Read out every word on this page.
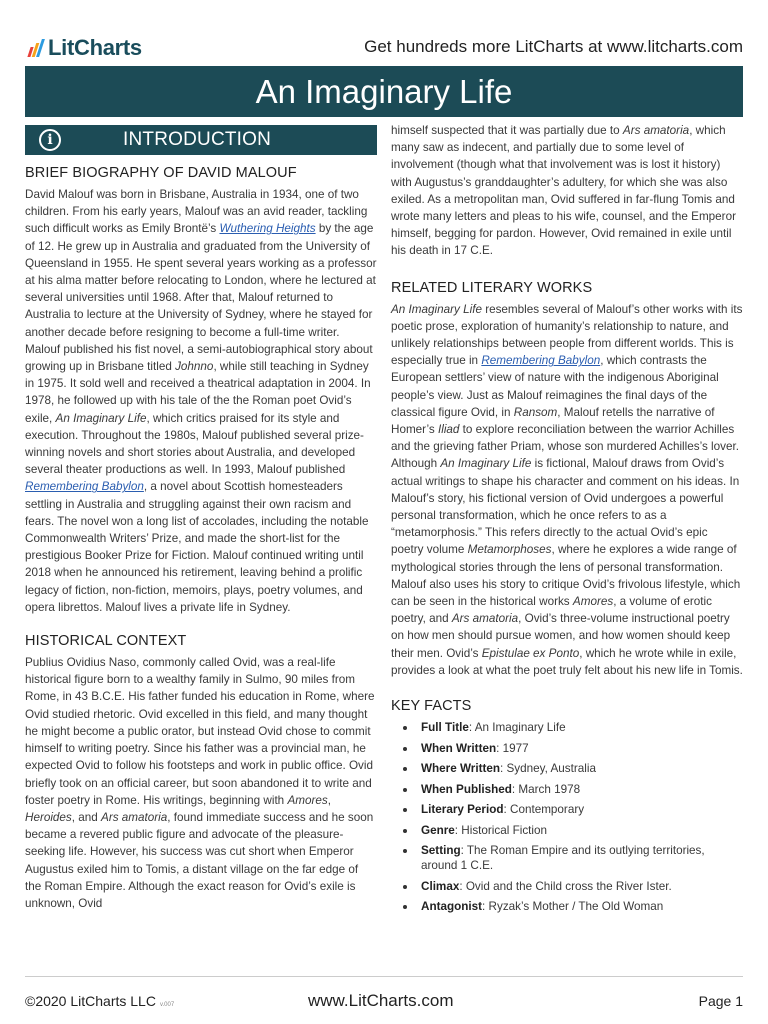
LitCharts	Get hundreds more LitCharts at www.litcharts.com
An Imaginary Life
i	INTRODUCTION
BRIEF BIOGRAPHY OF DAVID MALOUF

David Malouf was born in Brisbane, Australia in 1934, one of two children. From his early years, Malouf was an avid reader, tackling such difficult works as Emily Brontë’s Wuthering Heights by the age of 12. He grew up in Australia and graduated from the University of Queensland in 1955. He spent several years working as a professor at his alma matter before relocating to London, where he lectured at several universities until 1968. After that, Malouf returned to Australia to lecture at the University of Sydney, where he stayed for another decade before resigning to become a full-time writer. Malouf published his fist novel, a semi-autobiographical story about growing up in Brisbane titled Johnno, while still teaching in Sydney in 1975. It sold well and received a theatrical adaptation in 2004. In 1978, he followed up with his tale of the the Roman poet Ovid’s exile, An Imaginary Life, which critics praised for its style and execution. Throughout the 1980s, Malouf published several prize-winning novels and short stories about Australia, and developed several theater productions as well. In 1993, Malouf published Remembering Babylon, a novel about Scottish homesteaders settling in Australia and struggling against their own racism and fears. The novel won a long list of accolades, including the notable Commonwealth Writers’ Prize, and made the short-list for the prestigious Booker Prize for Fiction. Malouf continued writing until 2018 when he announced his retirement, leaving behind a prolific legacy of fiction, non-fiction, memoirs, plays, poetry volumes, and opera librettos. Malouf lives a private life in Sydney.

HISTORICAL CONTEXT

Publius Ovidius Naso, commonly called Ovid, was a real-life historical figure born to a wealthy family in Sulmo, 90 miles from Rome, in 43 B.C.E. His father funded his education in Rome, where Ovid studied rhetoric. Ovid excelled in this field, and many thought he might become a public orator, but instead Ovid chose to commit himself to writing poetry. Since his father was a provincial man, he expected Ovid to follow his footsteps and work in public office. Ovid briefly took on an official career, but soon abandoned it to write and foster poetry in Rome. His writings, beginning with Amores, Heroides, and Ars amatoria, found immediate success and he soon became a revered public figure and advocate of the pleasure-seeking life. However, his success was cut short when Emperor Augustus exiled him to Tomis, a distant village on the far edge of the Roman Empire. Although the exact reason for Ovid’s exile is unknown, Ovid

himself suspected that it was partially due to Ars amatoria, which many saw as indecent, and partially due to some level of involvement (though what that involvement was is lost it history) with Augustus’s granddaughter’s adultery, for which she was also exiled. As a metropolitan man, Ovid suffered in far-flung Tomis and wrote many letters and pleas to his wife, counsel, and the Emperor himself, begging for pardon. However, Ovid remained in exile until his death in 17 C.E.

RELATED LITERARY WORKS

An Imaginary Life resembles several of Malouf’s other works with its poetic prose, exploration of humanity’s relationship to nature, and unlikely relationships between people from different worlds. This is especially true in Remembering Babylon, which contrasts the European settlers’ view of nature with the indigenous Aboriginal people’s view. Just as Malouf reimagines the final days of the classical figure Ovid, in Ransom, Malouf retells the narrative of Homer’s Iliad to explore reconciliation between the warrior Achilles and the grieving father Priam, whose son murdered Achilles’s lover. Although An Imaginary Life is fictional, Malouf draws from Ovid’s actual writings to shape his character and comment on his ideas. In Malouf’s story, his fictional version of Ovid undergoes a powerful personal transformation, which he once refers to as a “metamorphosis.” This refers directly to the actual Ovid’s epic poetry volume Metamorphoses, where he explores a wide range of mythological stories through the lens of personal transformation. Malouf also uses his story to critique Ovid’s frivolous lifestyle, which can be seen in the historical works Amores, a volume of erotic poetry, and Ars amatoria, Ovid’s three-volume instructional poetry on how men should pursue women, and how women should keep their men. Ovid’s Epistulae ex Ponto, which he wrote while in exile, provides a look at what the poet truly felt about his new life in Tomis.

KEY FACTS
Full Title: An Imaginary Life
When Written: 1977
Where Written: Sydney, Australia
When Published: March 1978
Literary Period: Contemporary
Genre: Historical Fiction
Setting: The Roman Empire and its outlying territories, around 1 C.E.
Climax: Ovid and the Child cross the River Ister.
Antagonist: Ryzak’s Mother / The Old Woman
©2020 LitCharts LLC v.007	www.LitCharts.com	Page 1
